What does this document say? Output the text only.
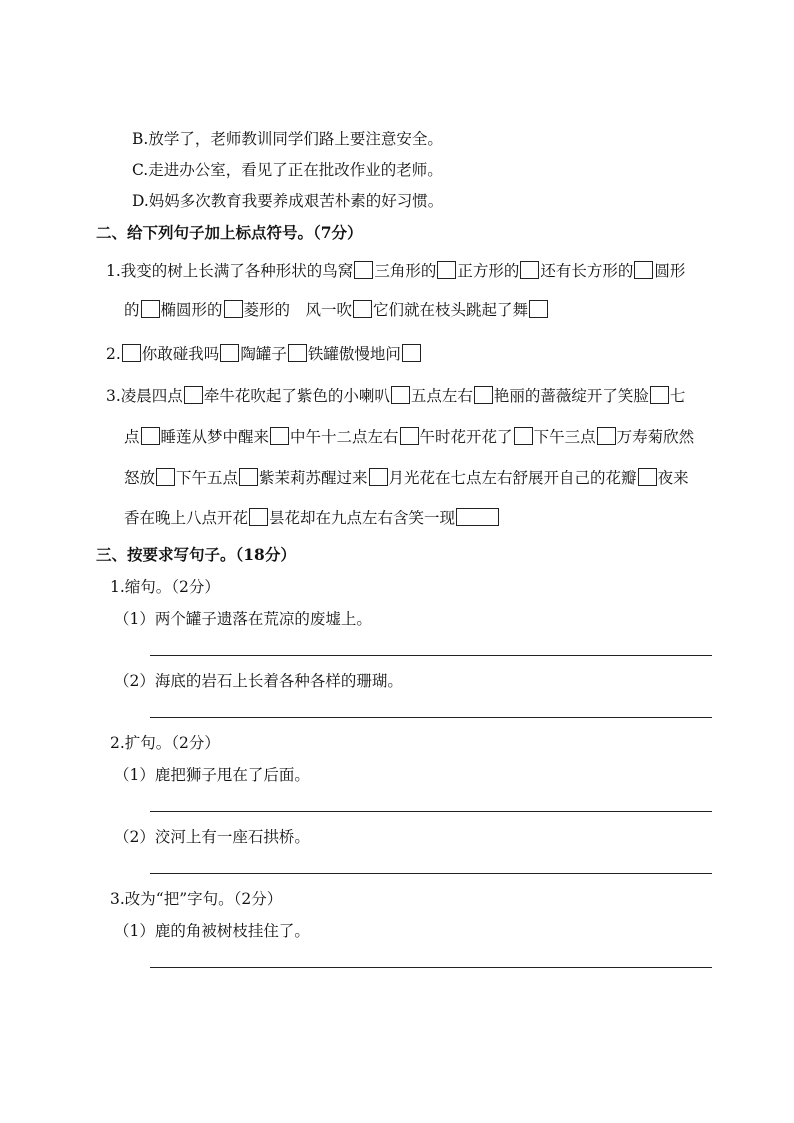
B.放学了，老师教训同学们路上要注意安全。
C.走进办公室，看见了正在批改作业的老师。
D.妈妈多次教育我要养成艰苦朴素的好习惯。
二、给下列句子加上标点符号。（7分）
1.我变的树上长满了各种形状的鸟窝 三角形的 正方形的 还有长方形的 圆形
的 椭圆形的 菱形的　风一吹 它们就在枝头跳起了舞
2. 你敢碰我吗 陶罐子 铁罐傲慢地问
3.凌晨四点 牵牛花吹起了紫色的小喇叭 五点左右 艳丽的蔷薇绽开了笑脸 七
点 睡莲从梦中醒来 中午十二点左右 午时花开花了 下午三点 万寿菊欣然
怒放 下午五点 紫茉莉苏醒过来 月光花在七点左右舒展开自己的花瓣 夜来
香在晚上八点开花 昙花却在九点左右含笑一现
三、按要求写句子。（18分）
1.缩句。（2分）
（1）两个罐子遗落在荒凉的废墟上。
（2）海底的岩石上长着各种各样的珊瑚。
2.扩句。（2分）
（1）鹿把狮子甩在了后面。
（2）洨河上有一座石拱桥。
3.改为“把”字句。（2分）
（1）鹿的角被树枝挂住了。
